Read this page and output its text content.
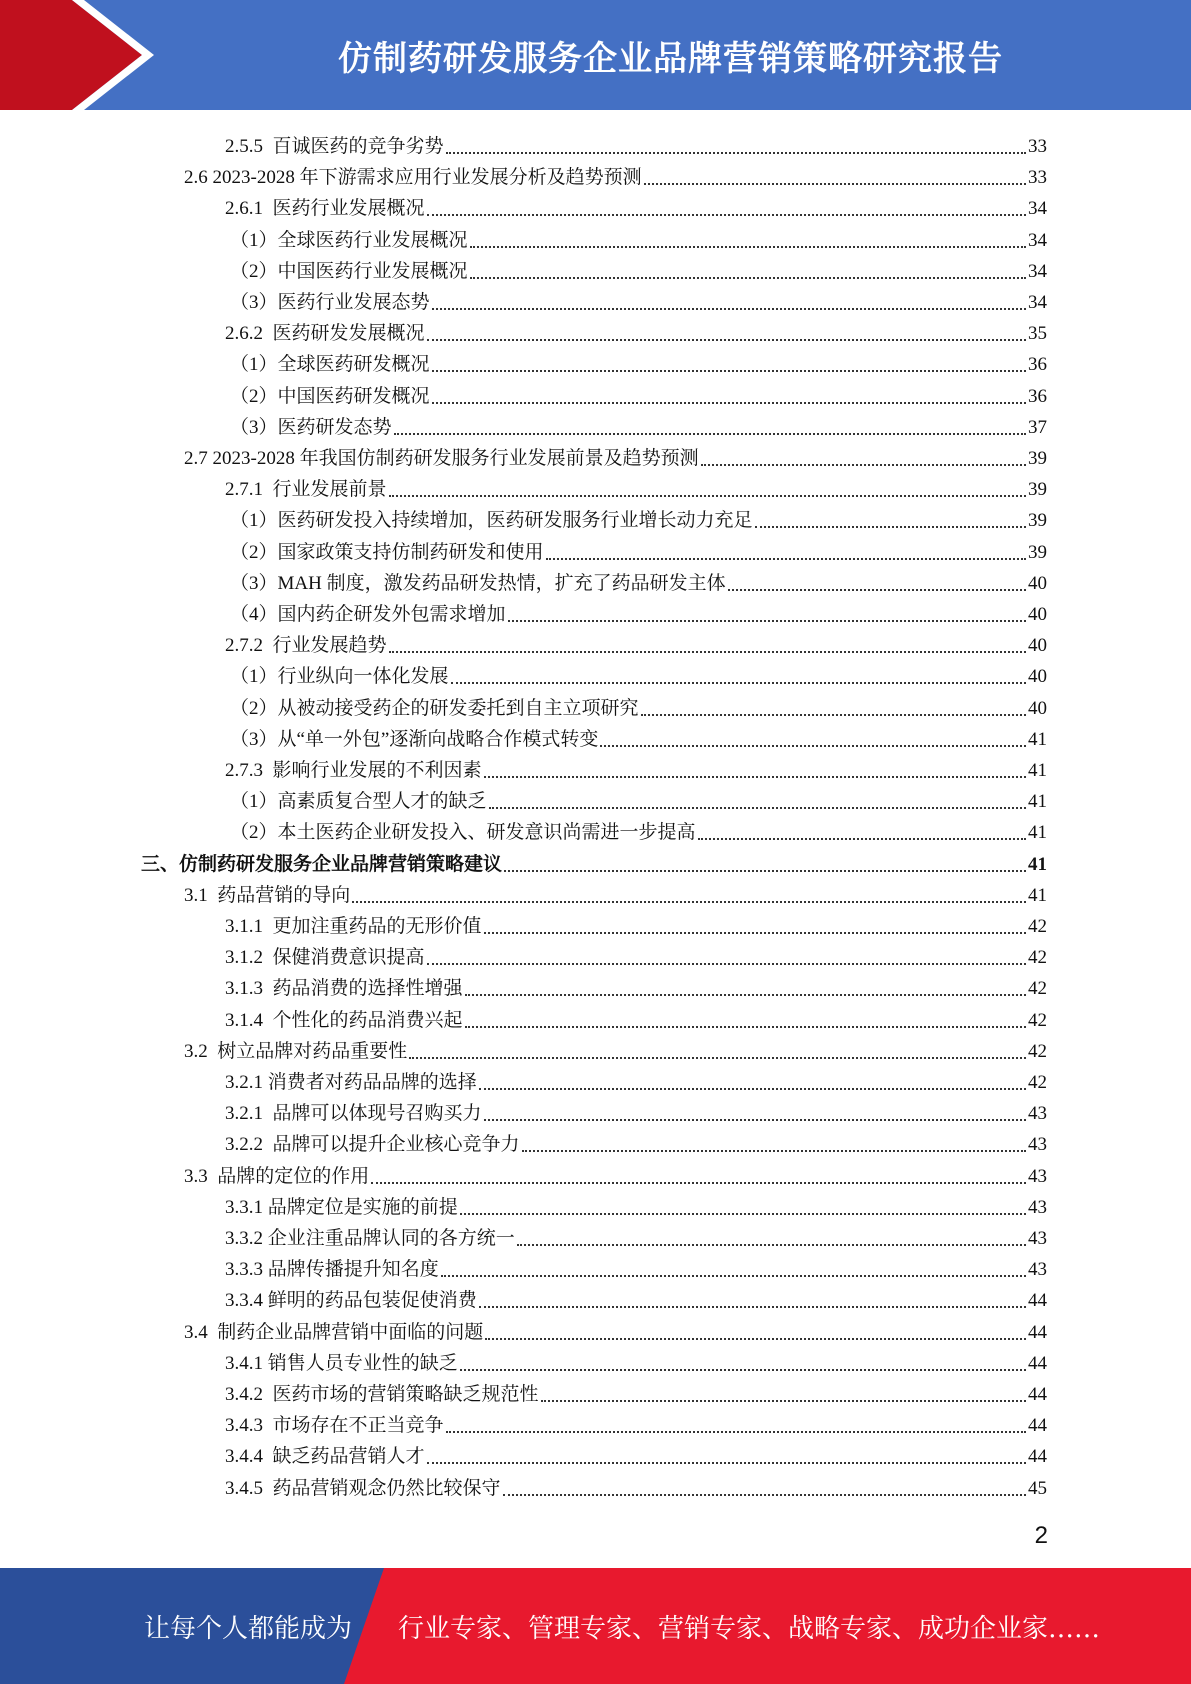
仿制药研发服务企业品牌营销策略研究报告
2.5.5  百诚医药的竞争劣势	33
2.6 2023-2028 年下游需求应用行业发展分析及趋势预测	33
2.6.1  医药行业发展概况	34
（1）全球医药行业发展概况	34
（2）中国医药行业发展概况	34
（3）医药行业发展态势	34
2.6.2  医药研发发展概况	35
（1）全球医药研发概况	36
（2）中国医药研发概况	36
（3）医药研发态势	37
2.7 2023-2028 年我国仿制药研发服务行业发展前景及趋势预测	39
2.7.1  行业发展前景	39
（1）医药研发投入持续增加，医药研发服务行业增长动力充足	39
（2）国家政策支持仿制药研发和使用	39
（3）MAH 制度，激发药品研发热情，扩充了药品研发主体	40
（4）国内药企研发外包需求增加	40
2.7.2  行业发展趋势	40
（1）行业纵向一体化发展	40
（2）从被动接受药企的研发委托到自主立项研究	40
（3）从“单一外包”逐渐向战略合作模式转变	41
2.7.3  影响行业发展的不利因素	41
（1）高素质复合型人才的缺乏	41
（2）本土医药企业研发投入、研发意识尚需进一步提高	41
三、仿制药研发服务企业品牌营销策略建议	41
3.1  药品营销的导向	41
3.1.1  更加注重药品的无形价值	42
3.1.2  保健消费意识提高	42
3.1.3  药品消费的选择性增强	42
3.1.4  个性化的药品消费兴起	42
3.2  树立品牌对药品重要性	42
3.2.1 消费者对药品品牌的选择	42
3.2.1  品牌可以体现号召购买力	43
3.2.2  品牌可以提升企业核心竞争力	43
3.3  品牌的定位的作用	43
3.3.1 品牌定位是实施的前提	43
3.3.2 企业注重品牌认同的各方统一	43
3.3.3 品牌传播提升知名度	43
3.3.4 鲜明的药品包装促使消费	44
3.4  制药企业品牌营销中面临的问题	44
3.4.1 销售人员专业性的缺乏	44
3.4.2  医药市场的营销策略缺乏规范性	44
3.4.3  市场存在不正当竞争	44
3.4.4  缺乏药品营销人才	44
3.4.5  药品营销观念仍然比较保守	45
2
让每个人都能成为 行业专家、管理专家、营销专家、战略专家、成功企业家……
